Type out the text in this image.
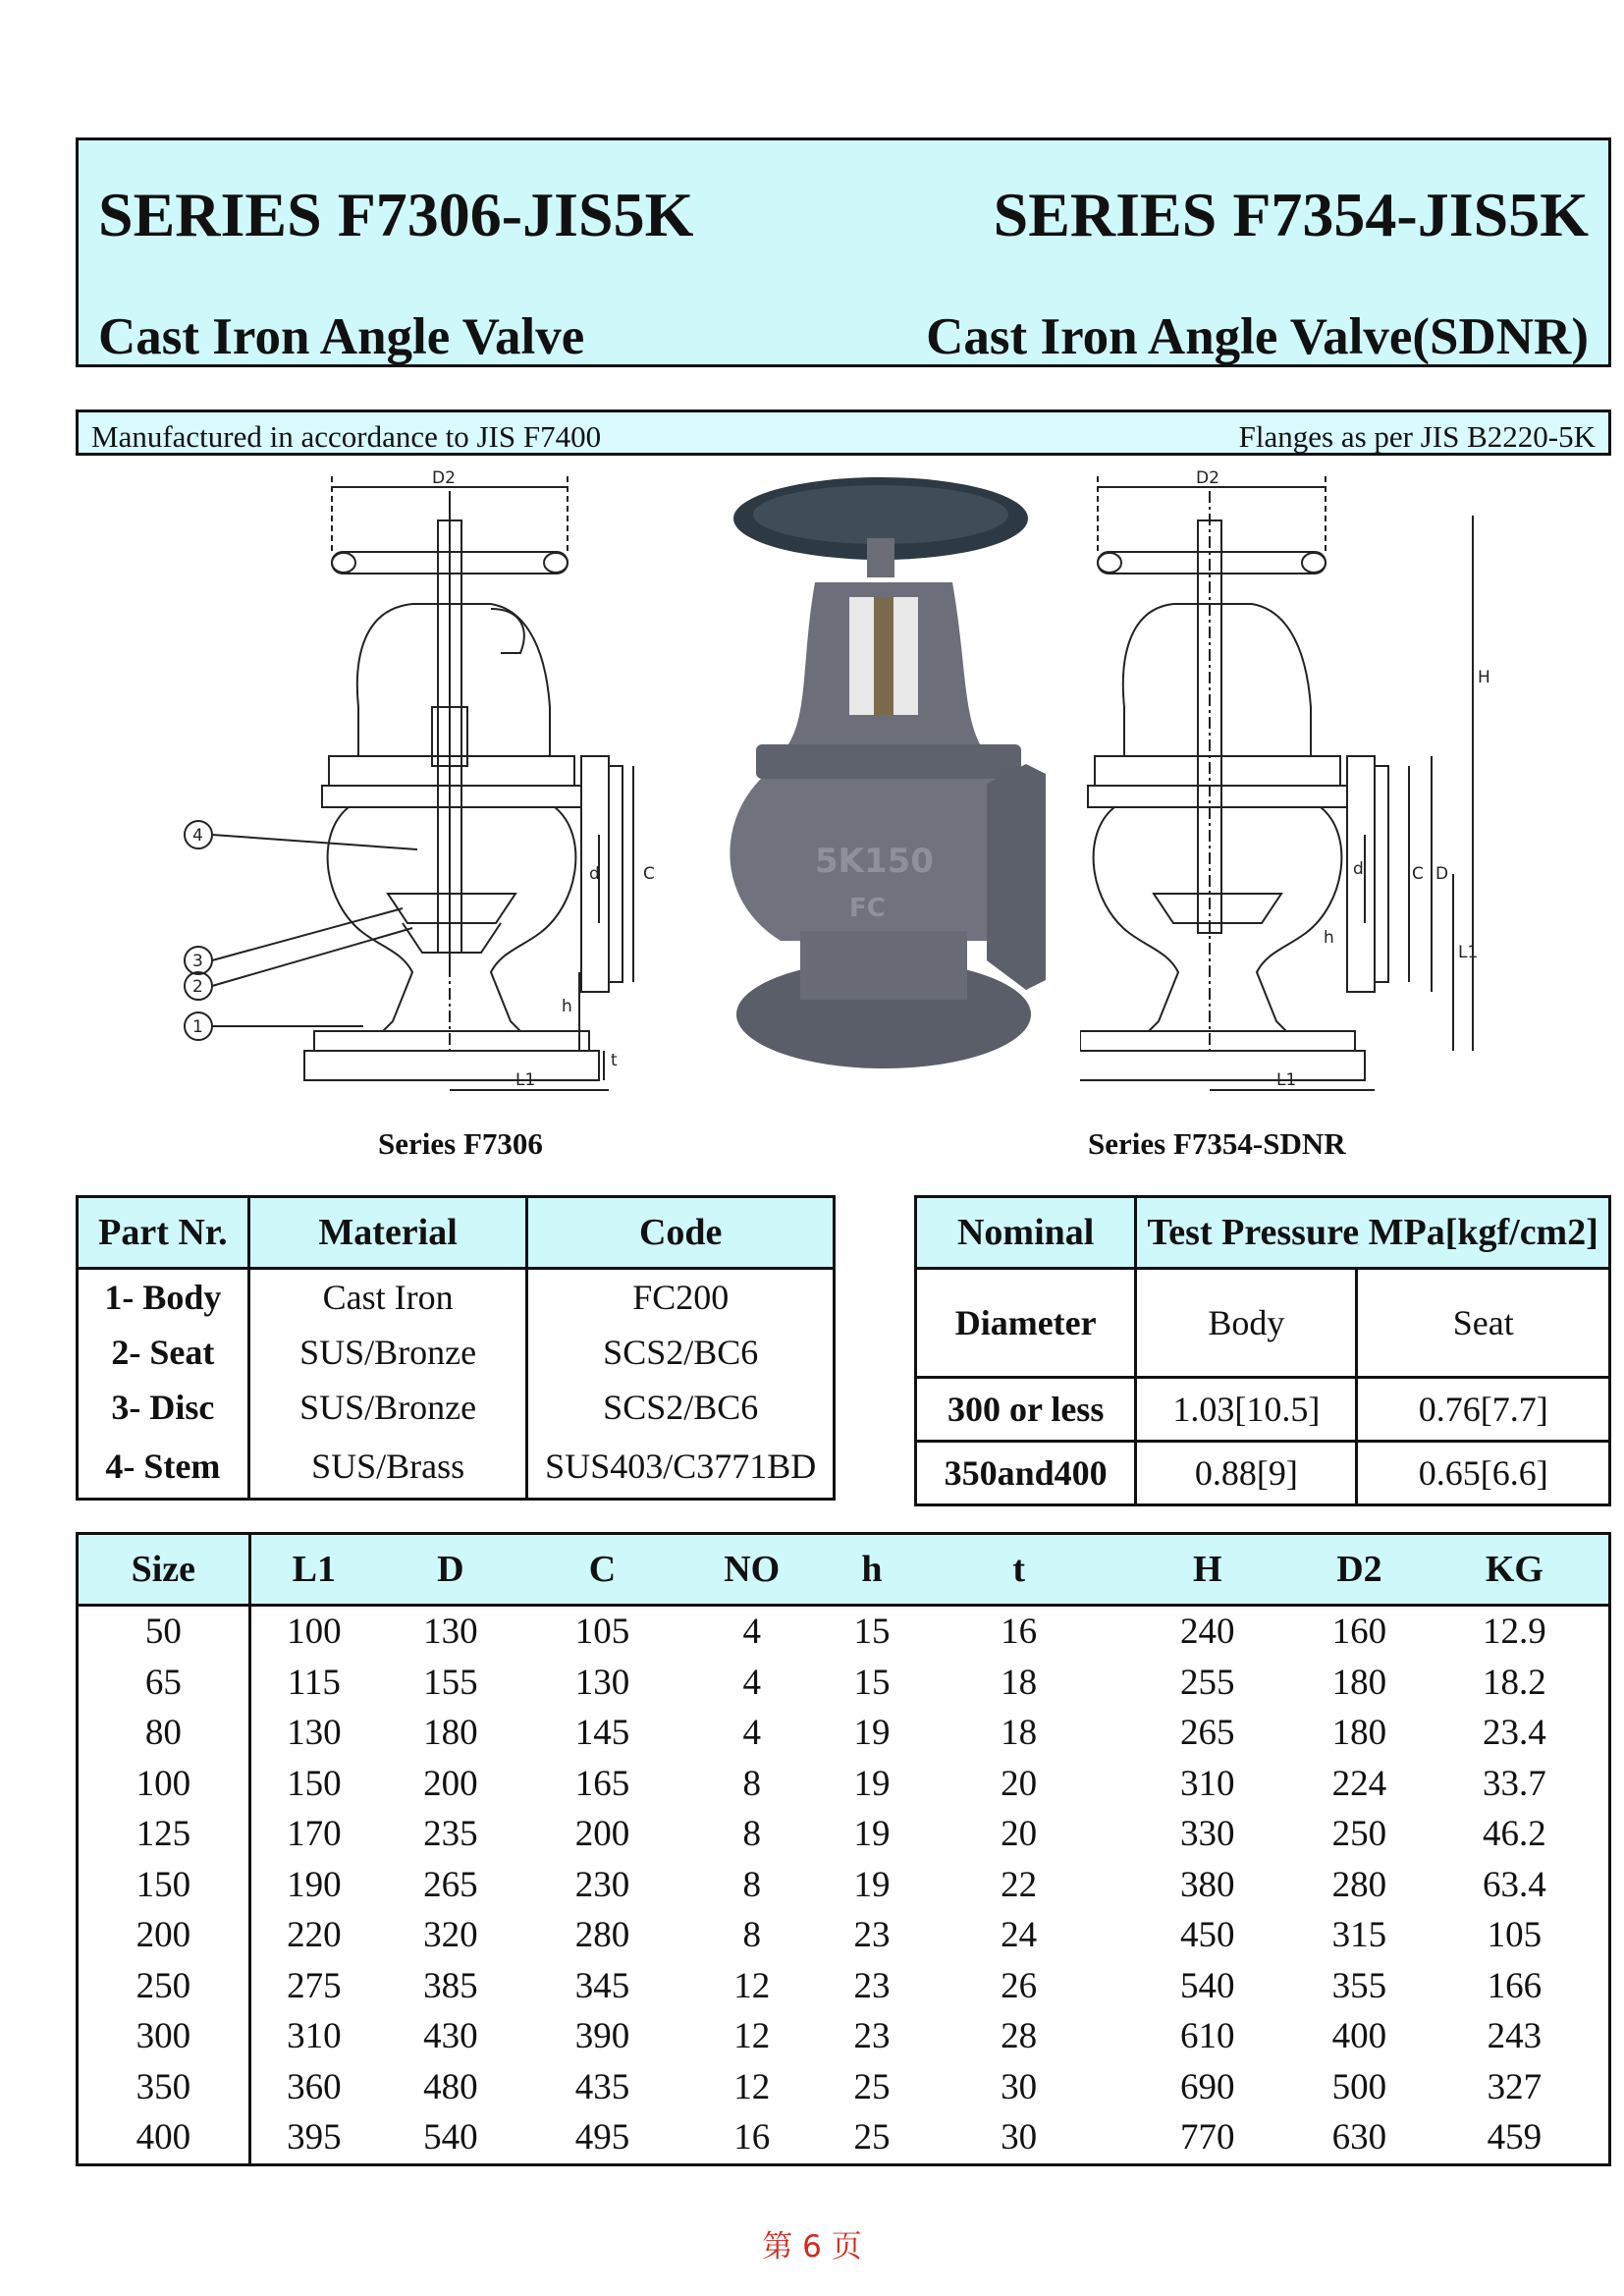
SERIES F7306-JIS5K	SERIES F7354-JIS5K
Cast Iron Angle Valve	Cast Iron Angle Valve(SDNR)
Manufactured in accordance to JIS F7400	Flanges as per JIS B2220-5K
D2
C
d
h
t
L1
4
3
2
1
5K150
FC
D2
H
C D
d
h
L1
L1
Series F7306	Series F7354-SDNR
Part Nr.	Material	Code
1- Body	Cast Iron	FC200
2- Seat	SUS/Bronze	SCS2/BC6
3- Disc	SUS/Bronze	SCS2/BC6
4- Stem	SUS/Brass	SUS403/C3771BD
Nominal	Test Pressure MPa[kgf/cm2]	
Diameter	Body	Seat
300 or less	1.03[10.5]	0.76[7.7]
350and400	0.88[9]	0.65[6.6]
Size	L1	D	C	NO	h	t	H	D2	KG
50	100	130	105	4	15	16	240	160	12.9
65	115	155	130	4	15	18	255	180	18.2
80	130	180	145	4	19	18	265	180	23.4
100	150	200	165	8	19	20	310	224	33.7
125	170	235	200	8	19	20	330	250	46.2
150	190	265	230	8	19	22	380	280	63.4
200	220	320	280	8	23	24	450	315	105
250	275	385	345	12	23	26	540	355	166
300	310	430	390	12	23	28	610	400	243
350	360	480	435	12	25	30	690	500	327
400	395	540	495	16	25	30	770	630	459
第 6 页
